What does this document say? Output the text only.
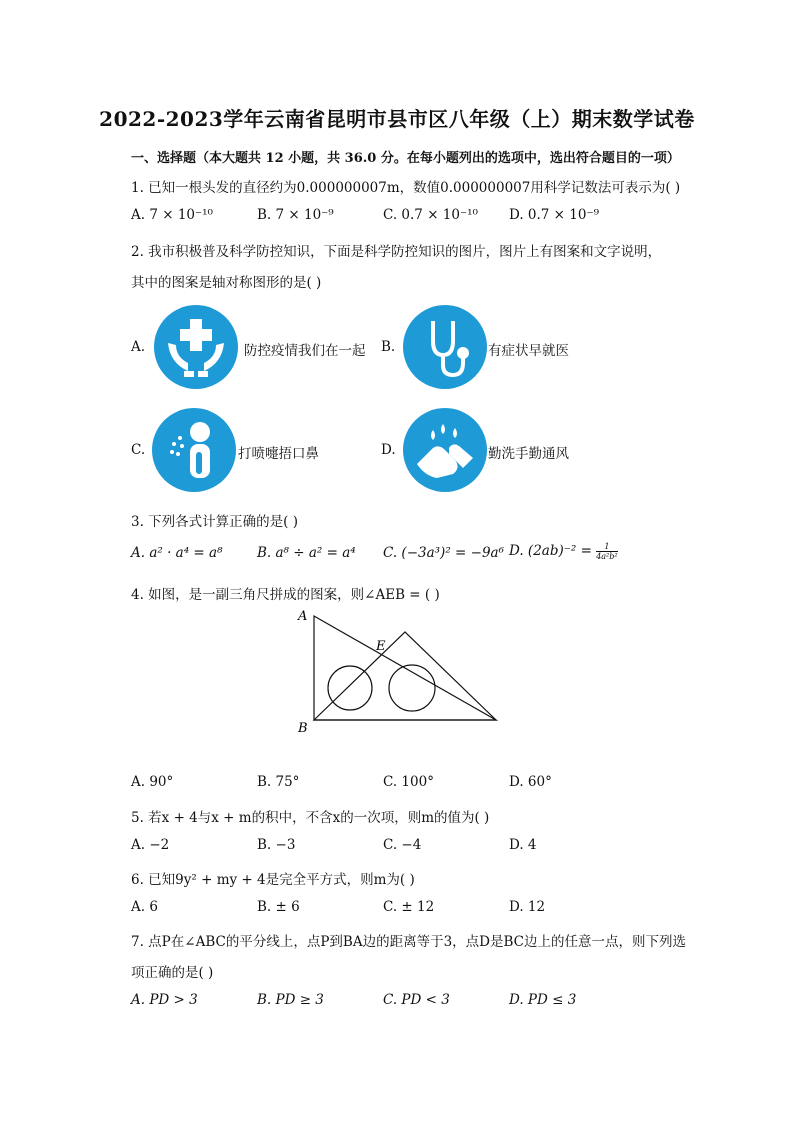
2022-2023学年云南省昆明市县市区八年级（上）期末数学试卷
一、选择题（本大题共 12 小题，共 36.0 分。在每小题列出的选项中，选出符合题目的一项）
1. 已知一根头发的直径约为0.000000007m，数值0.000000007用科学记数法可表示为( )
A. 7 × 10⁻¹⁰	B. 7 × 10⁻⁹	C. 0.7 × 10⁻¹⁰ D. 0.7 × 10⁻⁹
2. 我市积极普及科学防控知识，下面是科学防控知识的图片，图片上有图案和文字说明，
其中的图案是轴对称图形的是( )
A.	防控疫情我们在一起 B.	有症状早就医
C.	打喷嚏捂口鼻	D.	勤洗手勤通风
3. 下列各式计算正确的是( )
A. a² · a⁴ = a⁸	B. a⁸ ÷ a² = a⁴ C. (−3a³)² = −9a⁶ D. $(2ab)^{-2} = \frac{1}{\text{4a²b²}}$
4. 如图，是一副三角尺拼成的图案，则∠AEB = ( )
A
B
E
A. 90°	B. 75°	C. 100°	D. 60°
5. 若x + 4与x + m的积中，不含x的一次项，则m的值为( )
A. −2	B. −3	C. −4	D. 4
6. 已知9y² + my + 4是完全平方式，则m为( )
A. 6	B. ± 6	C. ± 12	D. 12
7. 点P在∠ABC的平分线上，点P到BA边的距离等于3，点D是BC边上的任意一点，则下列选
项正确的是( )
A. PD > 3	B. PD ≥ 3	C. PD < 3	D. PD ≤ 3
